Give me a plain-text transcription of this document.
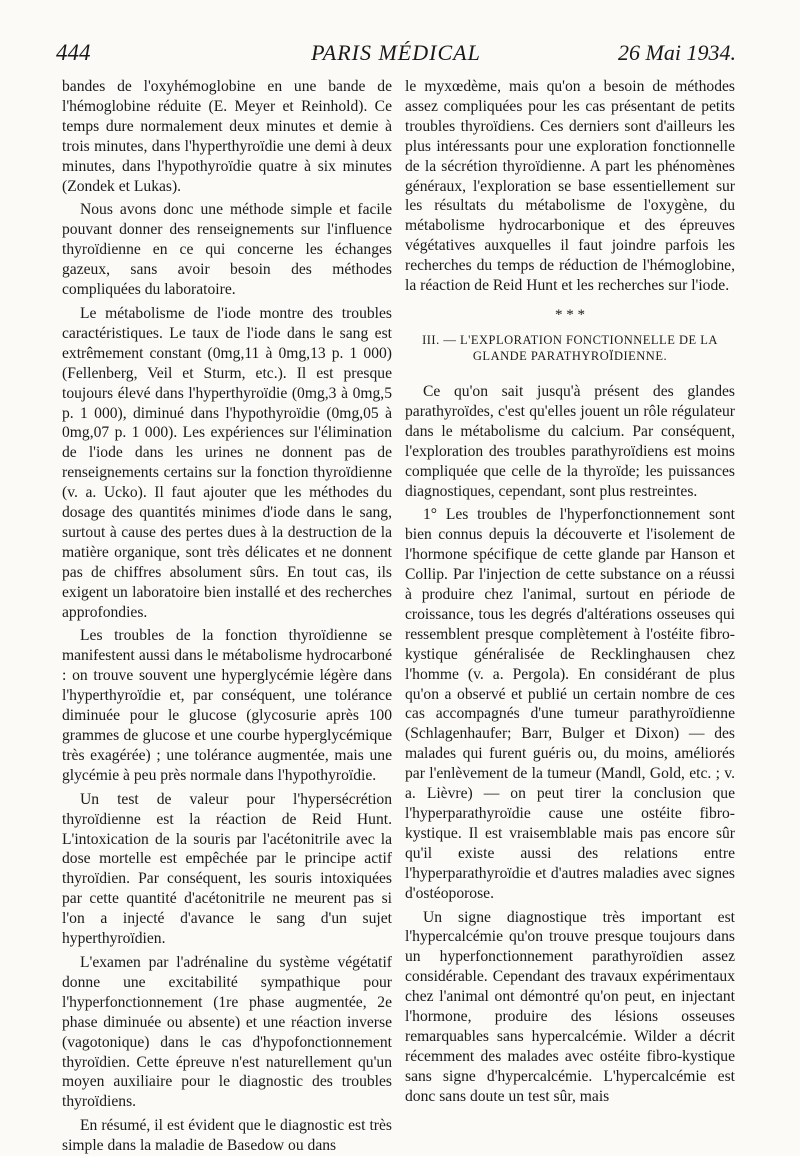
444	PARIS MÉDICAL	26 Mai 1934.

bandes de l'oxyhémoglobine en une bande de l'hémoglobine réduite (E. Meyer et Reinhold). Ce temps dure normalement deux minutes et demie à trois minutes, dans l'hyperthyroïdie une demi à deux minutes, dans l'hypothyroïdie quatre à six minutes (Zondek et Lukas).

Nous avons donc une méthode simple et facile pouvant donner des renseignements sur l'influence thyroïdienne en ce qui concerne les échanges gazeux, sans avoir besoin des méthodes compliquées du laboratoire.

Le métabolisme de l'iode montre des troubles caractéristiques. Le taux de l'iode dans le sang est extrêmement constant (0mg,11 à 0mg,13 p. 1 000) (Fellenberg, Veil et Sturm, etc.). Il est presque toujours élevé dans l'hyperthyroïdie (0mg,3 à 0mg,5 p. 1 000), diminué dans l'hypothyroïdie (0mg,05 à 0mg,07 p. 1 000). Les expériences sur l'élimination de l'iode dans les urines ne donnent pas de renseignements certains sur la fonction thyroïdienne (v. a. Ucko). Il faut ajouter que les méthodes du dosage des quantités minimes d'iode dans le sang, surtout à cause des pertes dues à la destruction de la matière organique, sont très délicates et ne donnent pas de chiffres absolument sûrs. En tout cas, ils exigent un laboratoire bien installé et des recherches approfondies.

Les troubles de la fonction thyroïdienne se manifestent aussi dans le métabolisme hydrocarboné : on trouve souvent une hyperglycémie légère dans l'hyperthyroïdie et, par conséquent, une tolérance diminuée pour le glucose (glycosurie après 100 grammes de glucose et une courbe hyperglycémique très exagérée) ; une tolérance augmentée, mais une glycémie à peu près normale dans l'hypothyroïdie.

Un test de valeur pour l'hypersécrétion thyroïdienne est la réaction de Reid Hunt. L'intoxication de la souris par l'acétonitrile avec la dose mortelle est empêchée par le principe actif thyroïdien. Par conséquent, les souris intoxiquées par cette quantité d'acétonitrile ne meurent pas si l'on a injecté d'avance le sang d'un sujet hyperthyroïdien.

L'examen par l'adrénaline du système végétatif donne une excitabilité sympathique pour l'hyperfonctionnement (1re phase augmentée, 2e phase diminuée ou absente) et une réaction inverse (vagotonique) dans le cas d'hypofonctionnement thyroïdien. Cette épreuve n'est naturellement qu'un moyen auxiliaire pour le diagnostic des troubles thyroïdiens.

En résumé, il est évident que le diagnostic est très simple dans la maladie de Basedow ou dans

le myxœdème, mais qu'on a besoin de méthodes assez compliquées pour les cas présentant de petits troubles thyroïdiens. Ces derniers sont d'ailleurs les plus intéressants pour une exploration fonctionnelle de la sécrétion thyroïdienne. A part les phénomènes généraux, l'exploration se base essentiellement sur les résultats du métabolisme de l'oxygène, du métabolisme hydrocarbonique et des épreuves végétatives auxquelles il faut joindre parfois les recherches du temps de réduction de l'hémoglobine, la réaction de Reid Hunt et les recherches sur l'iode.

* * *
III. — L'EXPLORATION FONCTIONNELLE DE LA
GLANDE PARATHYROÏDIENNE.

Ce qu'on sait jusqu'à présent des glandes parathyroïdes, c'est qu'elles jouent un rôle régulateur dans le métabolisme du calcium. Par conséquent, l'exploration des troubles parathyroïdiens est moins compliquée que celle de la thyroïde; les puissances diagnostiques, cependant, sont plus restreintes.

1° Les troubles de l'hyperfonctionnement sont bien connus depuis la découverte et l'isolement de l'hormone spécifique de cette glande par Hanson et Collip. Par l'injection de cette substance on a réussi à produire chez l'animal, surtout en période de croissance, tous les degrés d'altérations osseuses qui ressemblent presque complètement à l'ostéite fibro-kystique généralisée de Recklinghausen chez l'homme (v. a. Pergola). En considérant de plus qu'on a observé et publié un certain nombre de ces cas accompagnés d'une tumeur parathyroïdienne (Schlagenhaufer; Barr, Bulger et Dixon) — des malades qui furent guéris ou, du moins, améliorés par l'enlèvement de la tumeur (Mandl, Gold, etc. ; v. a. Lièvre) — on peut tirer la conclusion que l'hyperparathyroïdie cause une ostéite fibro-kystique. Il est vraisemblable mais pas encore sûr qu'il existe aussi des relations entre l'hyperparathyroïdie et d'autres maladies avec signes d'ostéoporose.

Un signe diagnostique très important est l'hypercalcémie qu'on trouve presque toujours dans un hyperfonctionnement parathyroïdien assez considérable. Cependant des travaux expérimentaux chez l'animal ont démontré qu'on peut, en injectant l'hormone, produire des lésions osseuses remarquables sans hypercalcémie. Wilder a décrit récemment des malades avec ostéite fibro-kystique sans signe d'hypercalcémie. L'hypercalcémie est donc sans doute un test sûr, mais
